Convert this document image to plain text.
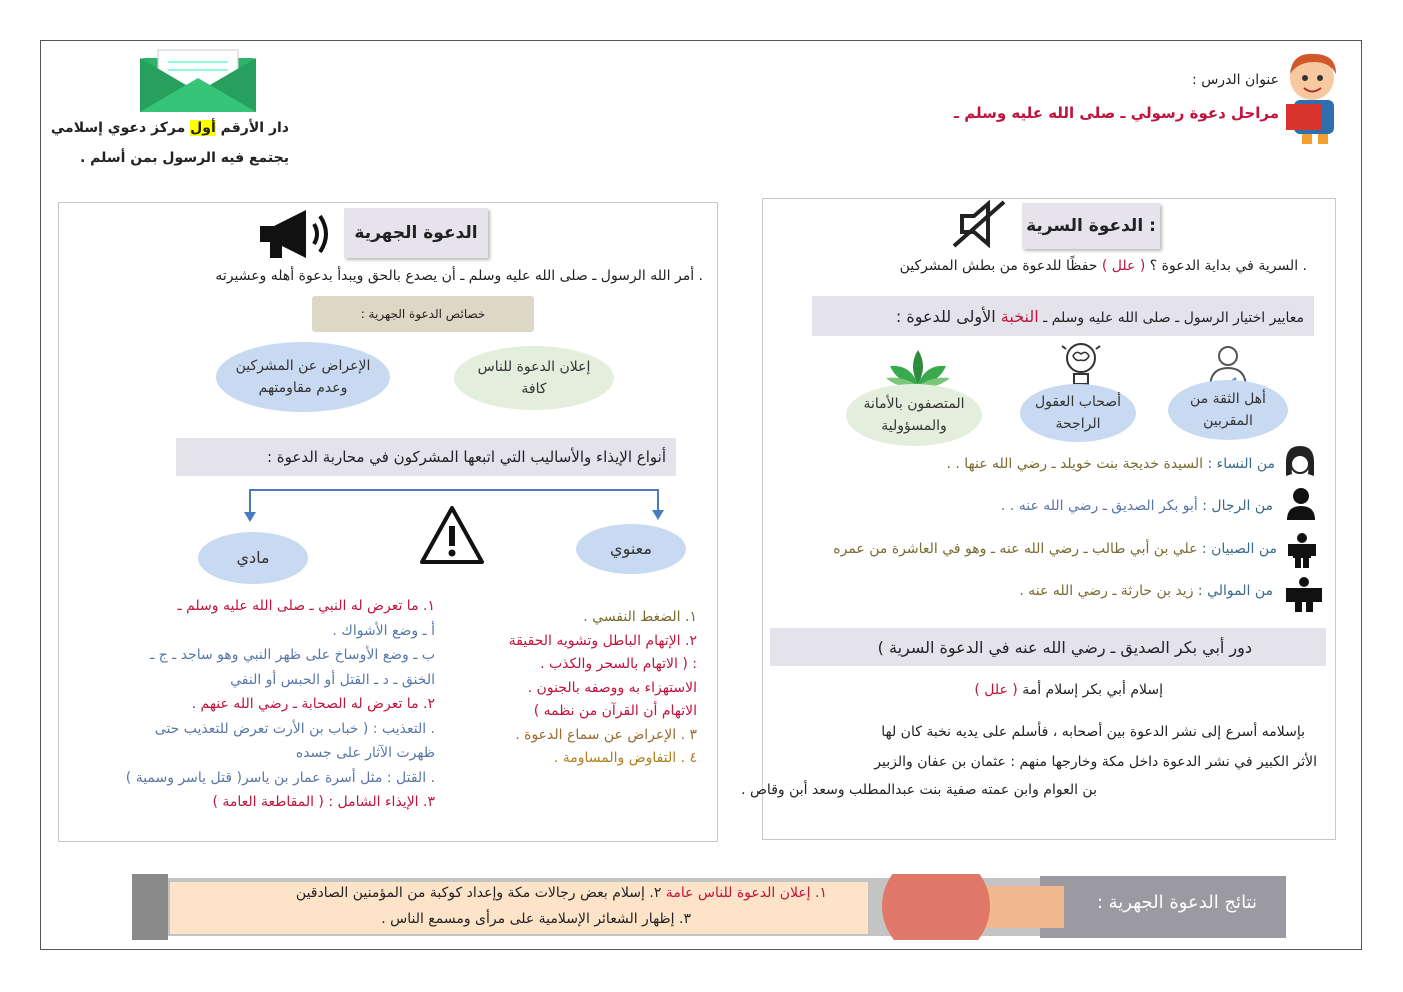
عنوان الدرس :
مراحل دعوة رسولي ـ صلى الله عليه وسلم ـ
دار الأرقم أول مركز دعوي إسلامي
يجتمع فيه الرسول بمن أسلم .
الدعوة السرية :
. السرية في بداية الدعوة ؟ ( علل ) حفظًا للدعوة من بطش المشركين
معايير اختيار الرسول ـ صلى الله عليه وسلم ـ النخبة الأولى للدعوة :
أهل الثقة من المقربين
أصحاب العقول الراجحة
المتصفون بالأمانة والمسؤولية
من النساء : السيدة خديجة بنت خويلد ـ رضي الله عنها . .
من الرجال : أبو بكر الصديق ـ رضي الله عنه . .
من الصبيان : علي بن أبي طالب ـ رضي الله عنه ـ وهو في العاشرة من عمره
من الموالي : زيد بن حارثة ـ رضي الله عنه .
دور أبي بكر الصديق ـ رضي الله عنه في الدعوة السرية )
إسلام أبي بكر إسلام أمة ( علل )
بإسلامه أسرع إلى نشر الدعوة بين أصحابه ، فأسلم على يديه نخبة كان لها
الأثر الكبير في نشر الدعوة داخل مكة وخارجها منهم : عثمان بن عفان والزبير
بن العوام وابن عمته صفية بنت عبدالمطلب وسعد أبن وقاص .
الدعوة الجهرية
. أمر الله الرسول ـ صلى الله عليه وسلم ـ أن يصدع بالحق ويبدأ بدعوة أهله وعشيرته
خصائص الدعوة الجهرية :
إعلان الدعوة للناس كافة
الإعراض عن المشركين وعدم مقاومتهم
أنواع الإيذاء والأساليب التي اتبعها المشركون في محاربة الدعوة :
معنوي
مادي
١. الضغط النفسي .
٢. الإتهام الباطل وتشويه الحقيقة
: ( الاتهام بالسحر والكذب .
الاستهزاء به ووصفه بالجنون .
الاتهام أن القرآن من نظمه )
٣ . الإعراض عن سماع الدعوة .
٤ . التفاوض والمساومة .
١. ما تعرض له النبي ـ صلى الله عليه وسلم ـ
أ ـ وضع الأشواك .
ب ـ وضع الأوساخ على ظهر النبي وهو ساجد ـ ج ـ
الخنق ـ د ـ القتل أو الحبس أو النفي
٢. ما تعرض له الصحابة ـ رضي الله عنهم .
. التعذيب : ( خباب بن الأرت تعرض للتعذيب حتى
ظهرت الآثار على جسده
. القتل : مثل أسرة عمار بن ياسر( قتل ياسر وسمية )
٣. الإيذاء الشامل : ( المقاطعة العامة )
١. إعلان الدعوة للناس عامة ٢. إسلام بعض رجالات مكة وإعداد كوكبة من المؤمنين الصادقين
٣. إظهار الشعائر الإسلامية على مرأى ومسمع الناس .
نتائج الدعوة الجهرية :
